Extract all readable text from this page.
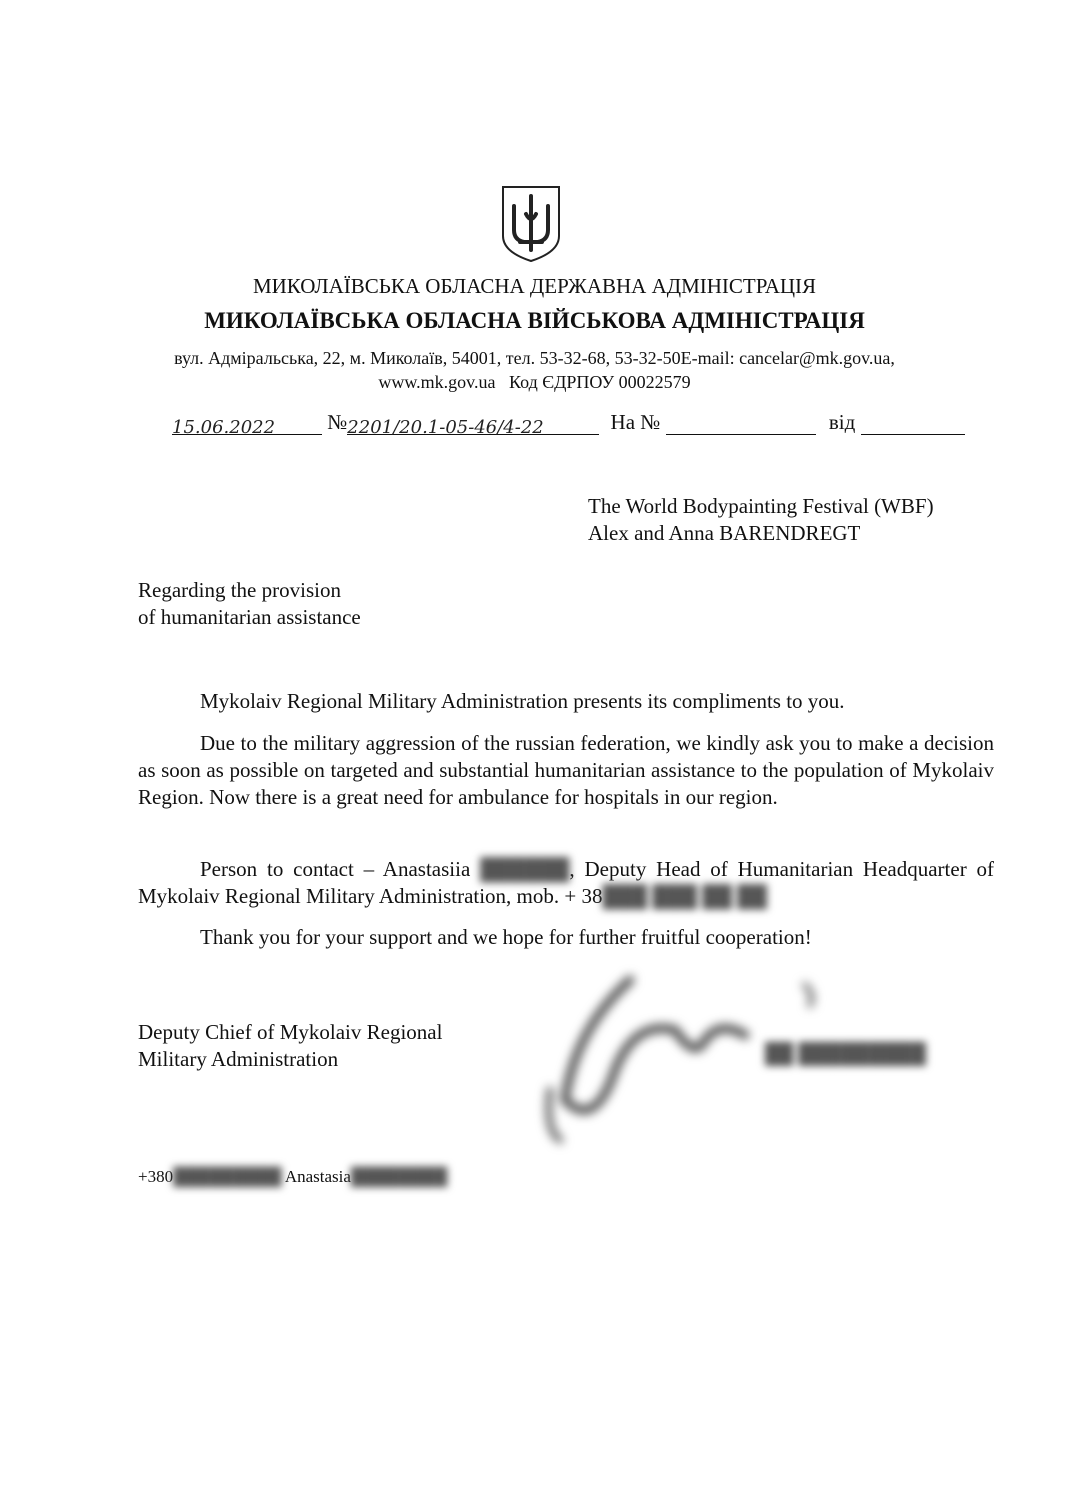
МИКОЛАЇВСЬКА ОБЛАСНА ДЕРЖАВНА АДМІНІСТРАЦІЯ
МИКОЛАЇВСЬКА ОБЛАСНА ВІЙСЬКОВА АДМІНІСТРАЦІЯ
вул. Адміральська, 22, м. Миколаїв, 54001, тел. 53-32-68, 53-32-50E-mail: cancelar@mk.gov.ua,
www.mk.gov.ua   Код ЄДРПОУ 00022579
15.06.2022 №2201/20.1-05-46/4-22	На №	від
The World Bodypainting Festival (WBF)
Alex and Anna BARENDREGT
Regarding the provision
of humanitarian assistance
Mykolaiv Regional Military Administration presents its compliments to you.
Due to the military aggression of the russian federation, we kindly ask you to make a decision as soon as possible on targeted and substantial humanitarian assistance to the population of Mykolaiv Region. Now there is a great need for ambulance for hospitals in our region.
Person to contact – Anastasiia ██████, Deputy Head of Humanitarian Headquarter of Mykolaiv Regional Military Administration, mob. + 38███ ███ ██ ██
Thank you for your support and we hope for further fruitful cooperation!
Deputy Chief of Mykolaiv Regional
Military Administration	██ █████████
+380█████████ Anastasia████████
